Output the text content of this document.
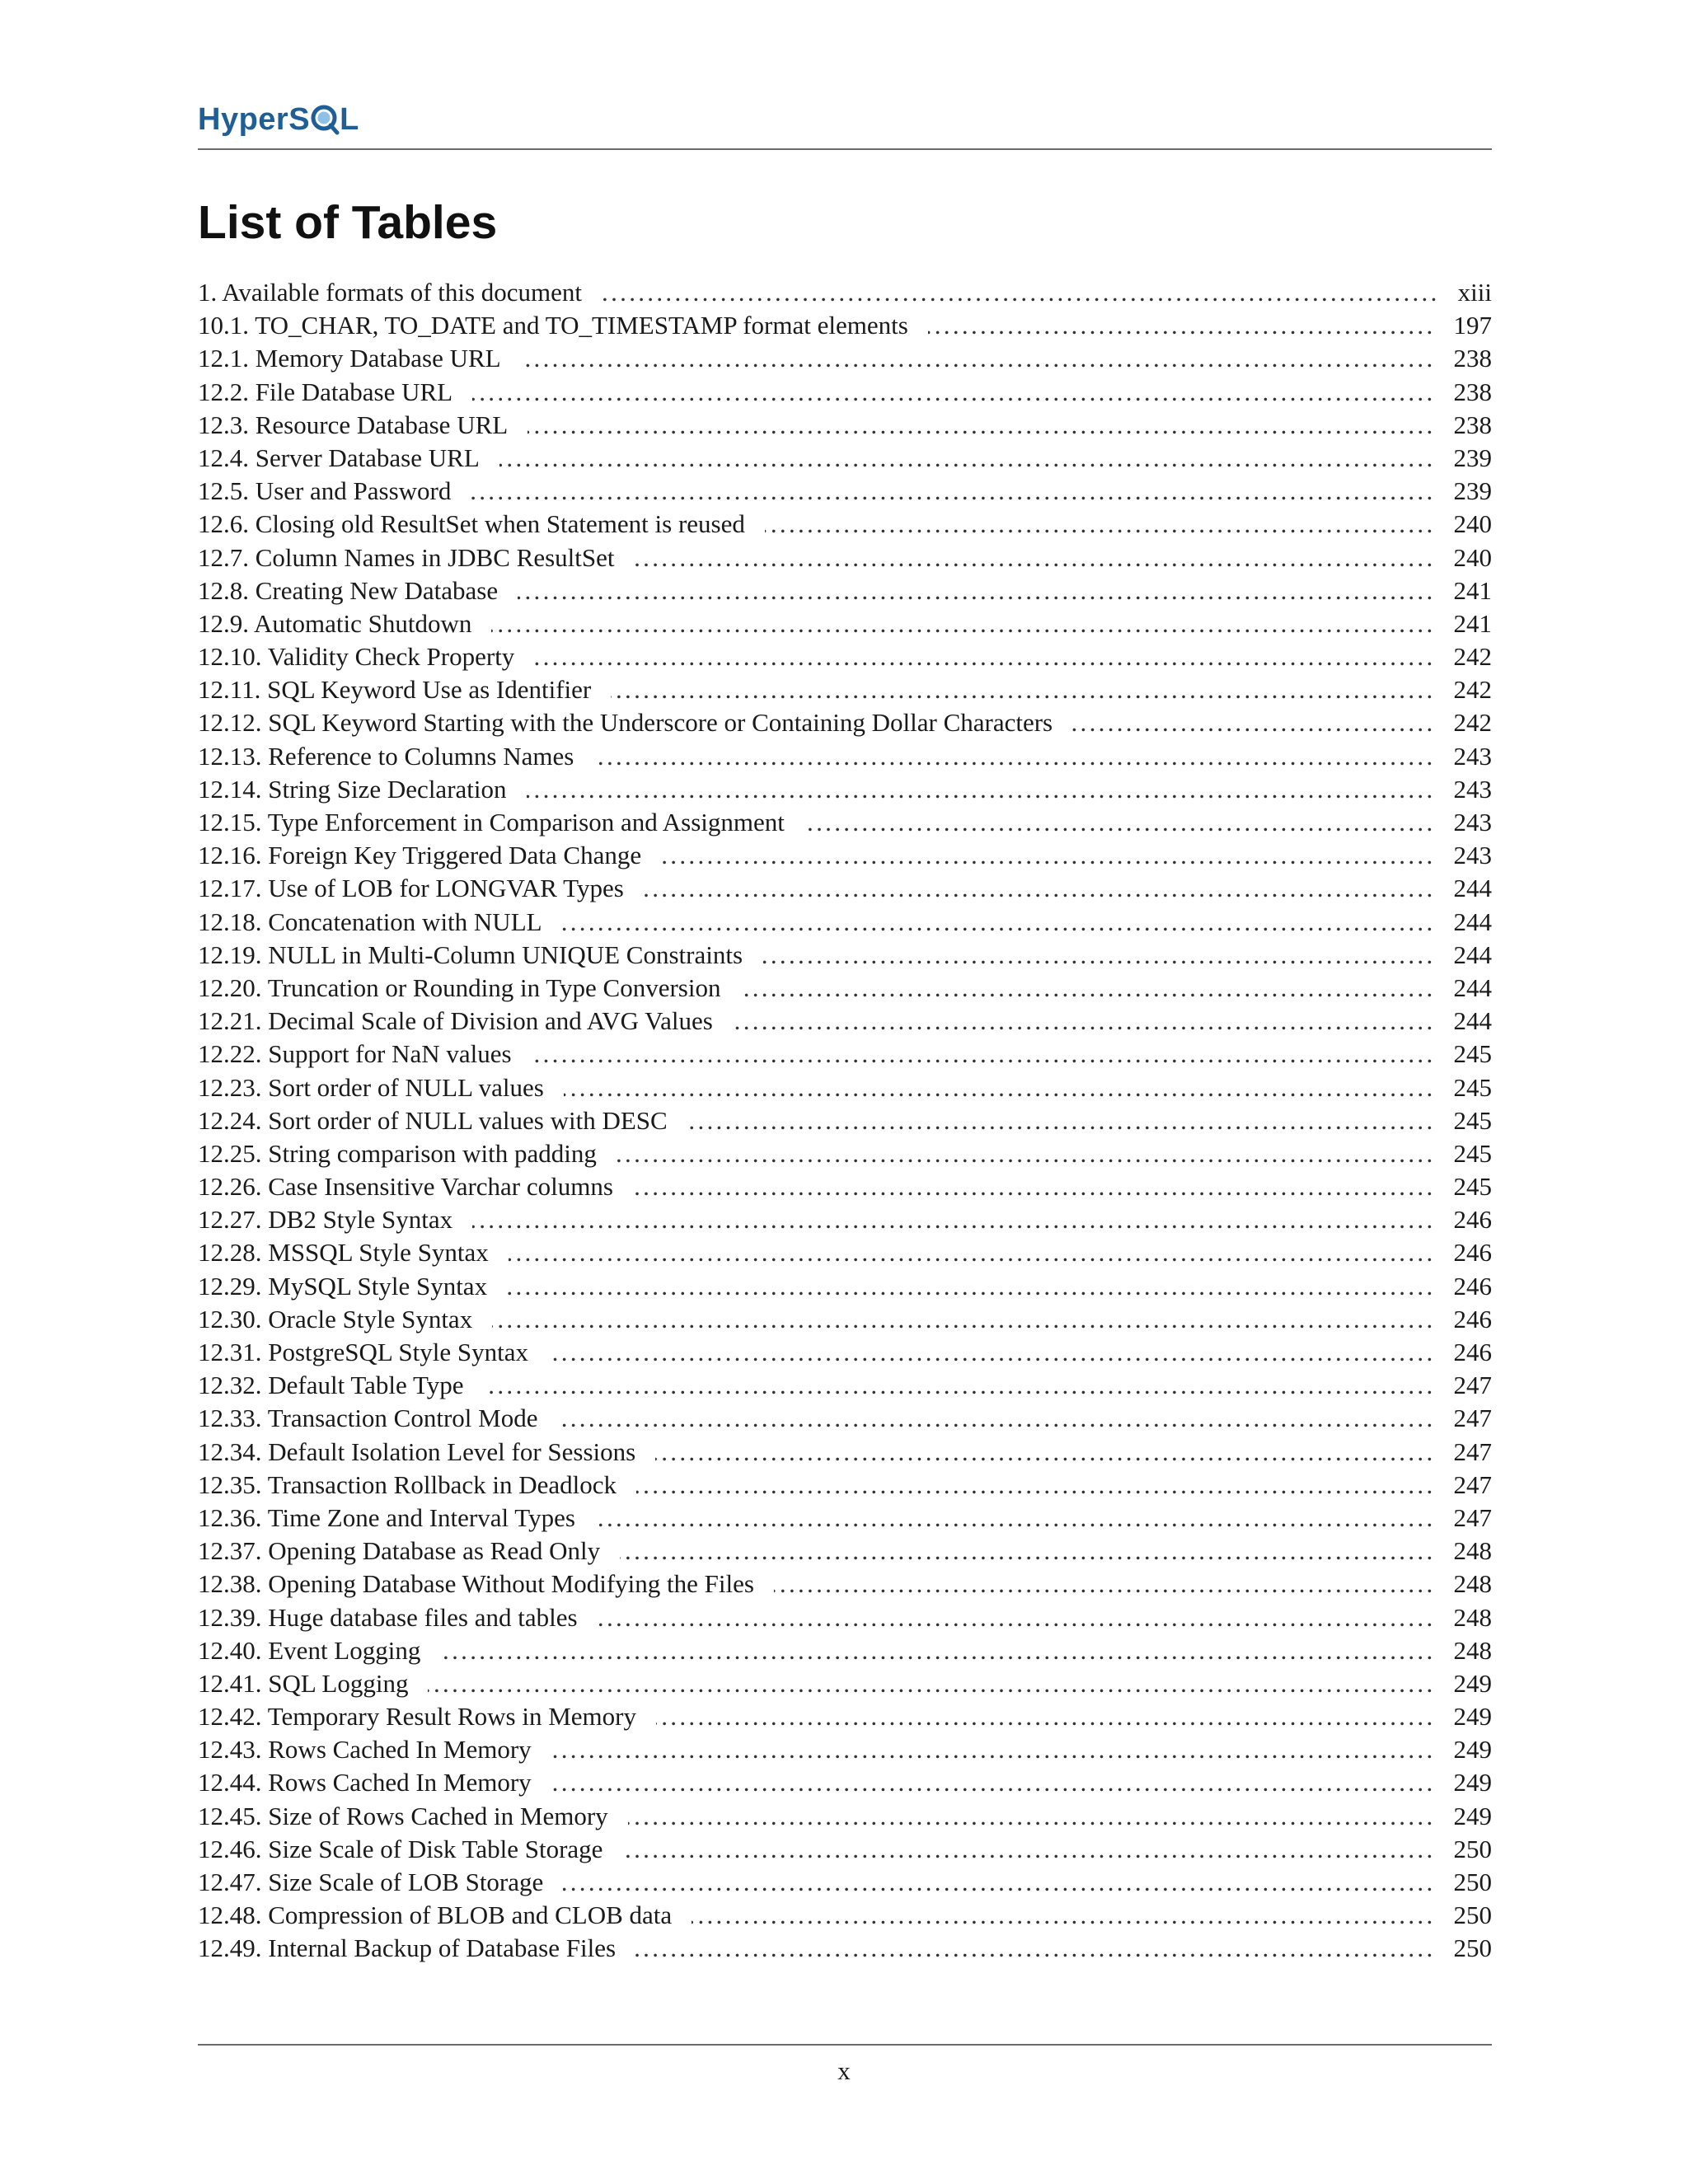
HyperS L
List of Tables
1. Available formats of this document .....	xiii
10.1. TO_CHAR, TO_DATE and TO_TIMESTAMP format elements .....	197
12.1. Memory Database URL .....	238
12.2. File Database URL .....	238
12.3. Resource Database URL .....	238
12.4. Server Database URL .....	239
12.5. User and Password .....	239
12.6. Closing old ResultSet when Statement is reused .....	240
12.7. Column Names in JDBC ResultSet .....	240
12.8. Creating New Database .....	241
12.9. Automatic Shutdown .....	241
12.10. Validity Check Property .....	242
12.11. SQL Keyword Use as Identifier .....	242
12.12. SQL Keyword Starting with the Underscore or Containing Dollar Characters .....	242
12.13. Reference to Columns Names .....	243
12.14. String Size Declaration .....	243
12.15. Type Enforcement in Comparison and Assignment .....	243
12.16. Foreign Key Triggered Data Change .....	243
12.17. Use of LOB for LONGVAR Types .....	244
12.18. Concatenation with NULL .....	244
12.19. NULL in Multi-Column UNIQUE Constraints .....	244
12.20. Truncation or Rounding in Type Conversion .....	244
12.21. Decimal Scale of Division and AVG Values .....	244
12.22. Support for NaN values .....	245
12.23. Sort order of NULL values .....	245
12.24. Sort order of NULL values with DESC .....	245
12.25. String comparison with padding .....	245
12.26. Case Insensitive Varchar columns .....	245
12.27. DB2 Style Syntax .....	246
12.28. MSSQL Style Syntax .....	246
12.29. MySQL Style Syntax .....	246
12.30. Oracle Style Syntax .....	246
12.31. PostgreSQL Style Syntax .....	246
12.32. Default Table Type .....	247
12.33. Transaction Control Mode .....	247
12.34. Default Isolation Level for Sessions .....	247
12.35. Transaction Rollback in Deadlock .....	247
12.36. Time Zone and Interval Types .....	247
12.37. Opening Database as Read Only .....	248
12.38. Opening Database Without Modifying the Files .....	248
12.39. Huge database files and tables .....	248
12.40. Event Logging .....	248
12.41. SQL Logging .....	249
12.42. Temporary Result Rows in Memory .....	249
12.43. Rows Cached In Memory .....	249
12.44. Rows Cached In Memory .....	249
12.45. Size of Rows Cached in Memory .....	249
12.46. Size Scale of Disk Table Storage .....	250
12.47. Size Scale of LOB Storage .....	250
12.48. Compression of BLOB and CLOB data .....	250
12.49. Internal Backup of Database Files .....	250
x
